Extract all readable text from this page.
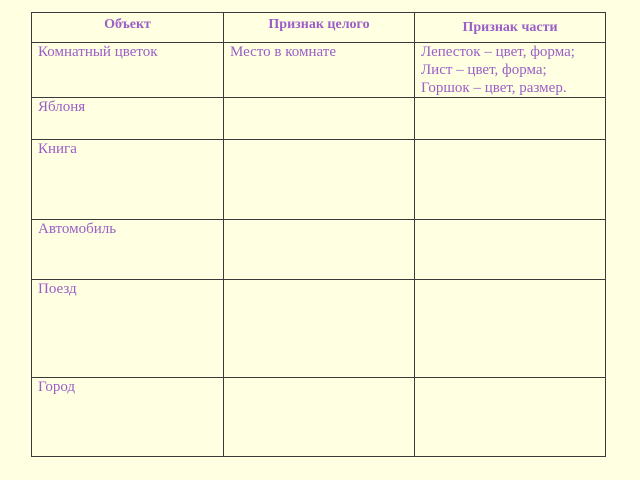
Объект	Признак целого	Признак части

Комнатный цветок	Место в комнате	Лепесток – цвет, форма;
Лист – цвет, форма;
Горшок – цвет, размер.

Яблоня		
Книга		
Автомобиль		
Поезд		
Город		
